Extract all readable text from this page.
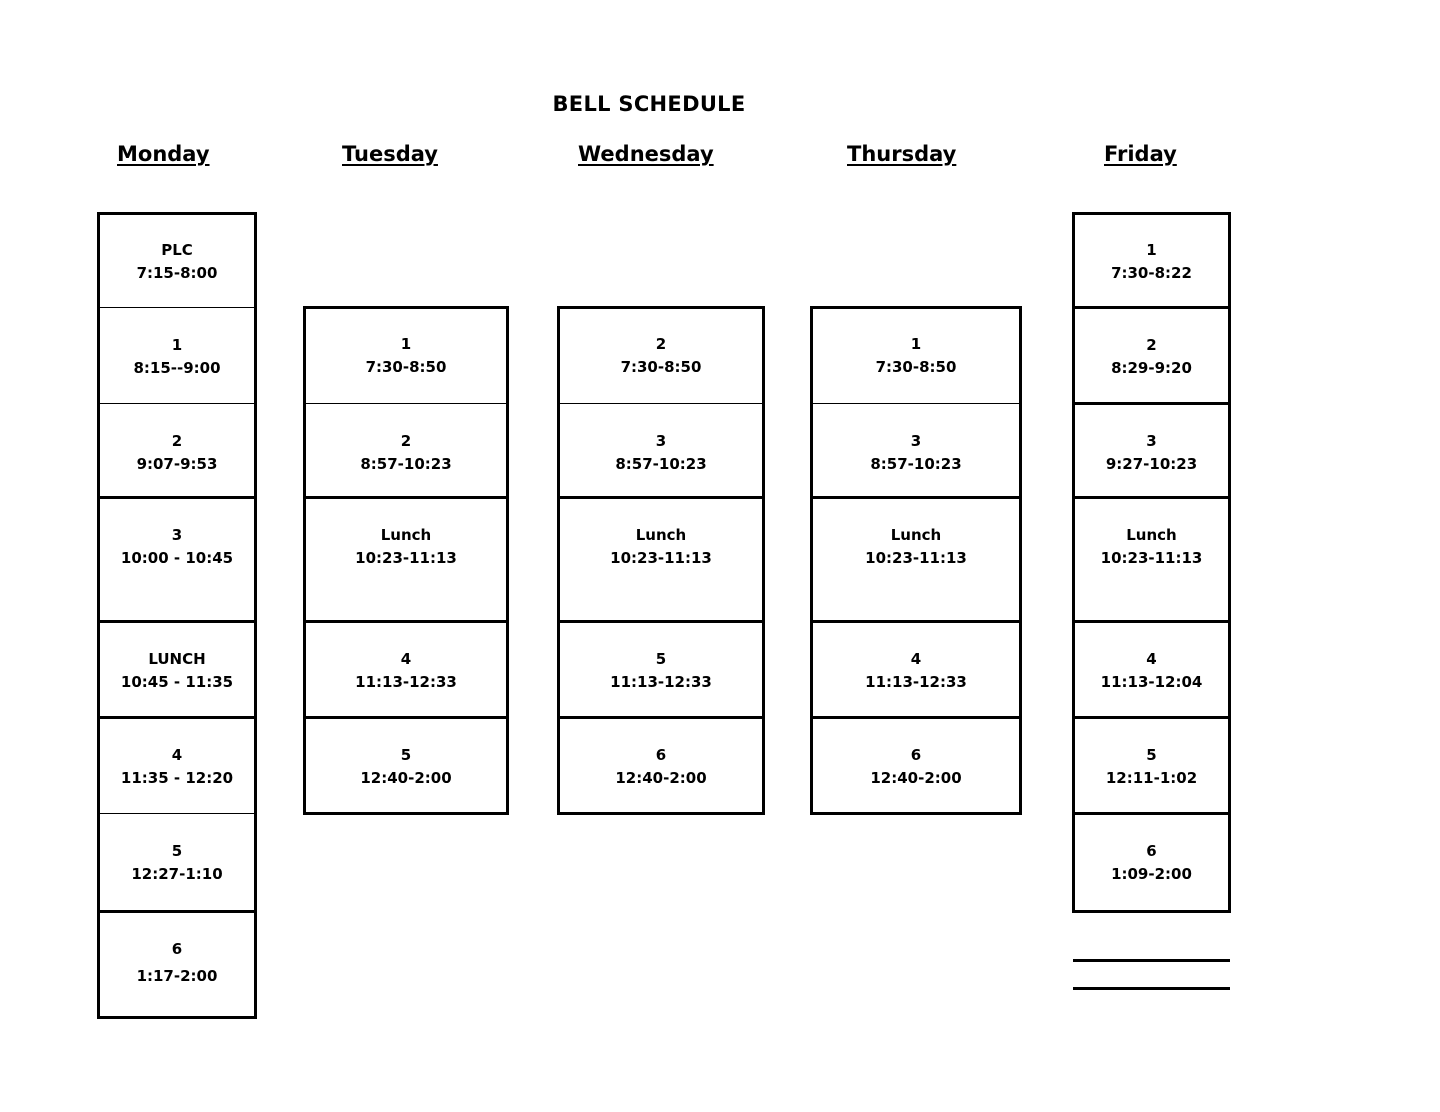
BELL SCHEDULE
Monday
PLC
7:15-8:00
1
8:15--9:00
2
9:07-9:53
3
10:00 - 10:45
LUNCH
10:45 - 11:35
4
11:35 - 12:20
5
12:27-1:10
6
1:17-2:00
Tuesday
1
7:30-8:50
2
8:57-10:23
Lunch
10:23-11:13
4
11:13-12:33
5
12:40-2:00
Wednesday
2
7:30-8:50
3
8:57-10:23
Lunch
10:23-11:13
5
11:13-12:33
6
12:40-2:00
Thursday
1
7:30-8:50
3
8:57-10:23
Lunch
10:23-11:13
4
11:13-12:33
6
12:40-2:00
Friday
1
7:30-8:22
2
8:29-9:20
3
9:27-10:23
Lunch
10:23-11:13
4
11:13-12:04
5
12:11-1:02
6
1:09-2:00
